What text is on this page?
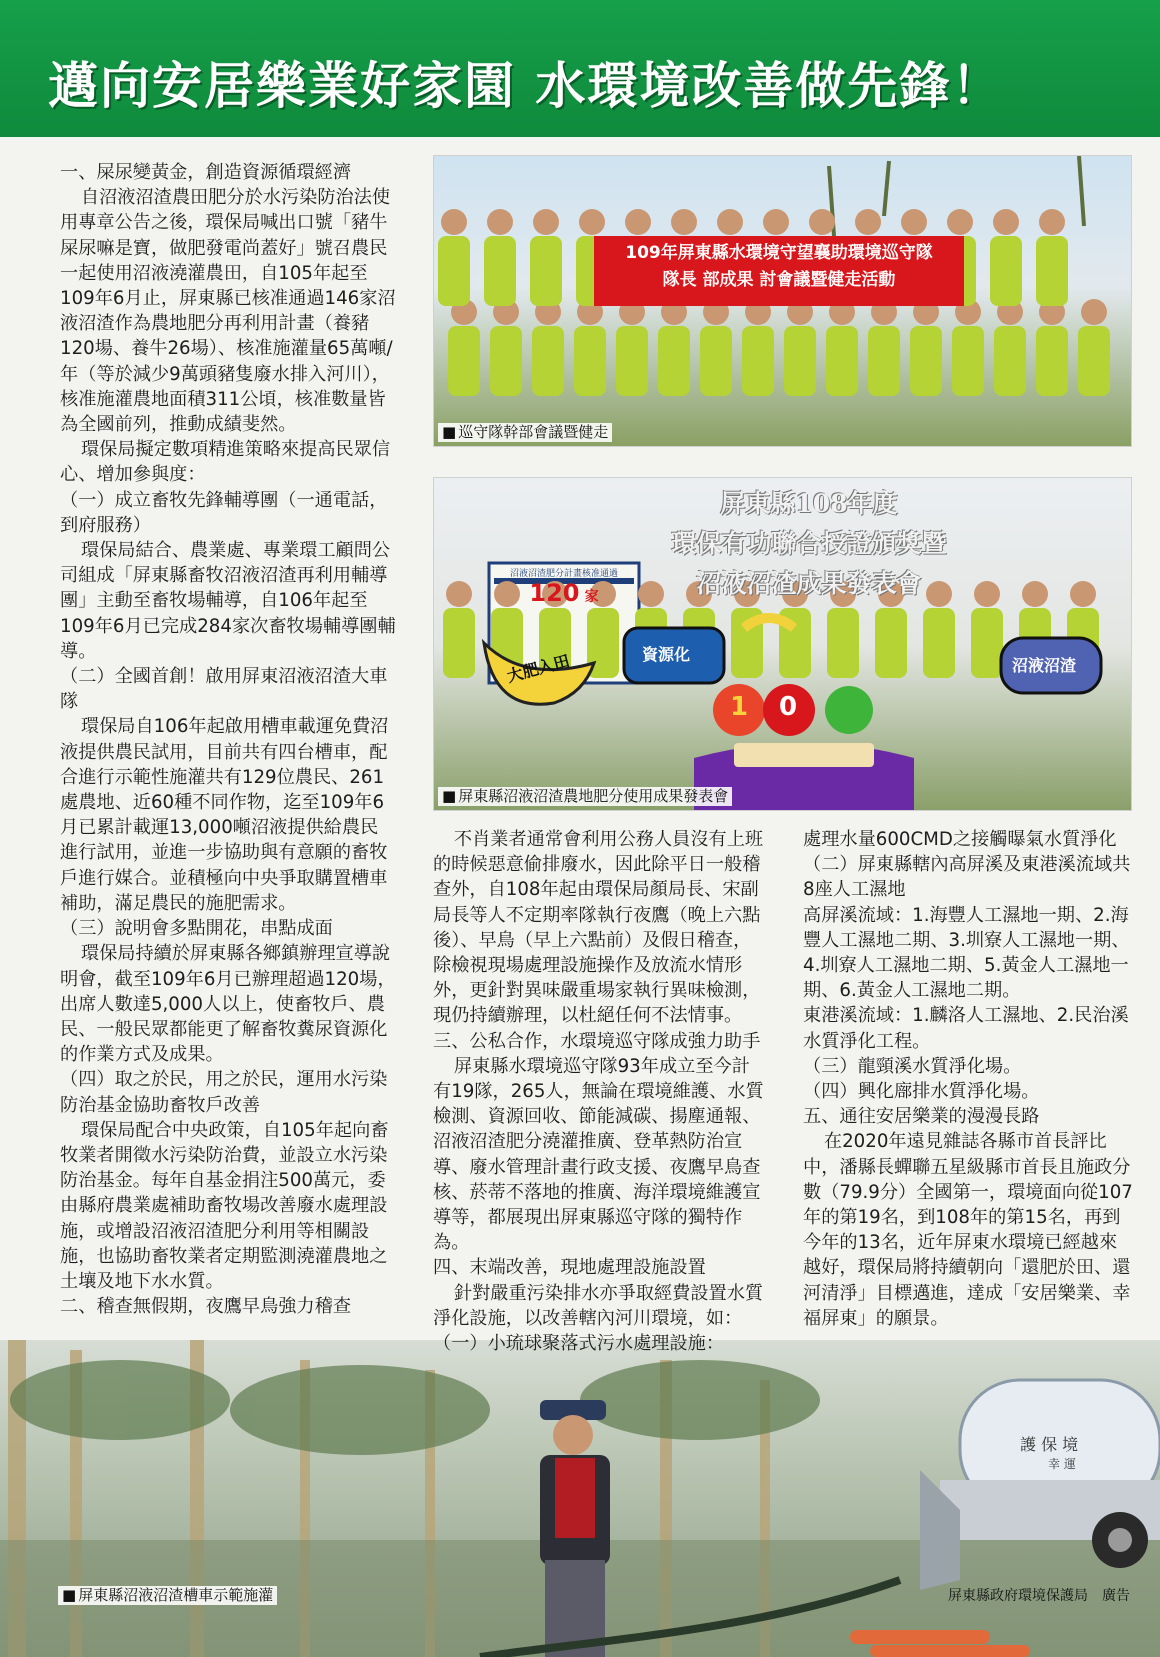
邁向安居樂業好家園 水環境改善做先鋒！
護 保 境
幸 運
■ 屏東縣沼液沼渣槽車示範施灌	屏東縣政府環境保護局　廣告

一、屎尿變黃金，創造資源循環經濟

自沼液沼渣農田肥分於水污染防治法使用專章公告之後，環保局喊出口號「豬牛屎尿嘛是寶，做肥發電尚蓋好」號召農民一起使用沼液澆灌農田，自105年起至109年6月止，屏東縣已核准通過146家沼液沼渣作為農地肥分再利用計畫（養豬120場、養牛26場）、核准施灌量65萬噸/年（等於減少9萬頭豬隻廢水排入河川），核准施灌農地面積311公頃，核准數量皆為全國前列，推動成績斐然。

環保局擬定數項精進策略來提高民眾信心、增加參與度：

（一）成立畜牧先鋒輔導團（一通電話，到府服務）

環保局結合、農業處、專業環工顧問公司組成「屏東縣畜牧沼液沼渣再利用輔導團」主動至畜牧場輔導，自106年起至109年6月已完成284家次畜牧場輔導團輔導。

（二）全國首創！啟用屏東沼液沼渣大車隊

環保局自106年起啟用槽車載運免費沼液提供農民試用，目前共有四台槽車，配合進行示範性施灌共有129位農民、261處農地、近60種不同作物，迄至109年6月已累計載運13,000噸沼液提供給農民進行試用，並進一步協助與有意願的畜牧戶進行媒合。並積極向中央爭取購置槽車補助，滿足農民的施肥需求。

（三）說明會多點開花，串點成面

環保局持續於屏東縣各鄉鎮辦理宣導說明會，截至109年6月已辦理超過120場，出席人數達5,000人以上，使畜牧戶、農民、一般民眾都能更了解畜牧糞尿資源化的作業方式及成果。

（四）取之於民，用之於民，運用水污染防治基金協助畜牧戶改善

環保局配合中央政策，自105年起向畜牧業者開徵水污染防治費，並設立水污染防治基金。每年自基金捐注500萬元，委由縣府農業處補助畜牧場改善廢水處理設施，或增設沼液沼渣肥分利用等相關設施，也協助畜牧業者定期監測澆灌農地之土壤及地下水水質。

二、稽查無假期，夜鷹早鳥強力稽查

109年屏東縣水環境守望襄助環境巡守隊
隊長 部成果 討會議暨健走活動
■ 巡守隊幹部會議暨健走
屏東縣108年度
環保有功聯合授證頒獎暨
沼液沼渣成果發表會
沼液沼渣肥分計畫核准通過
120 家
大肥入田	資源化
沼液沼渣
1 0
■ 屏東縣沼液沼渣農地肥分使用成果發表會

不肖業者通常會利用公務人員沒有上班的時候惡意偷排廢水，因此除平日一般稽查外，自108年起由環保局顏局長、宋副局長等人不定期率隊執行夜鷹（晚上六點後）、早鳥（早上六點前）及假日稽查，除檢視現場處理設施操作及放流水情形外，更針對異味嚴重場家執行異味檢測，現仍持續辦理，以杜絕任何不法情事。

三、公私合作，水環境巡守隊成強力助手

屏東縣水環境巡守隊93年成立至今計有19隊，265人，無論在環境維護、水質檢測、資源回收、節能減碳、揚塵通報、沼液沼渣肥分澆灌推廣、登革熱防治宣導、廢水管理計畫行政支援、夜鷹早鳥查核、菸蒂不落地的推廣、海洋環境維護宣導等，都展現出屏東縣巡守隊的獨特作為。

四、末端改善，現地處理設施設置

針對嚴重污染排水亦爭取經費設置水質淨化設施，以改善轄內河川環境，如：

（一）小琉球聚落式污水處理設施：

處理水量600CMD之接觸曝氣水質淨化

（二）屏東縣轄內高屏溪及東港溪流域共8座人工濕地

高屏溪流域：1.海豐人工濕地一期、2.海豐人工濕地二期、3.圳寮人工濕地一期、4.圳寮人工濕地二期、5.黃金人工濕地一期、6.黃金人工濕地二期。

東港溪流域：1.麟洛人工濕地、2.民治溪水質淨化工程。

（三）龍頸溪水質淨化場。

（四）興化廍排水質淨化場。

五、通往安居樂業的漫漫長路

在2020年遠見雜誌各縣市首長評比中，潘縣長蟬聯五星級縣市首長且施政分數（79.9分）全國第一，環境面向從107年的第19名，到108年的第15名，再到今年的13名，近年屏東水環境已經越來越好，環保局將持續朝向「還肥於田、還河清淨」目標邁進，達成「安居樂業、幸福屏東」的願景。
